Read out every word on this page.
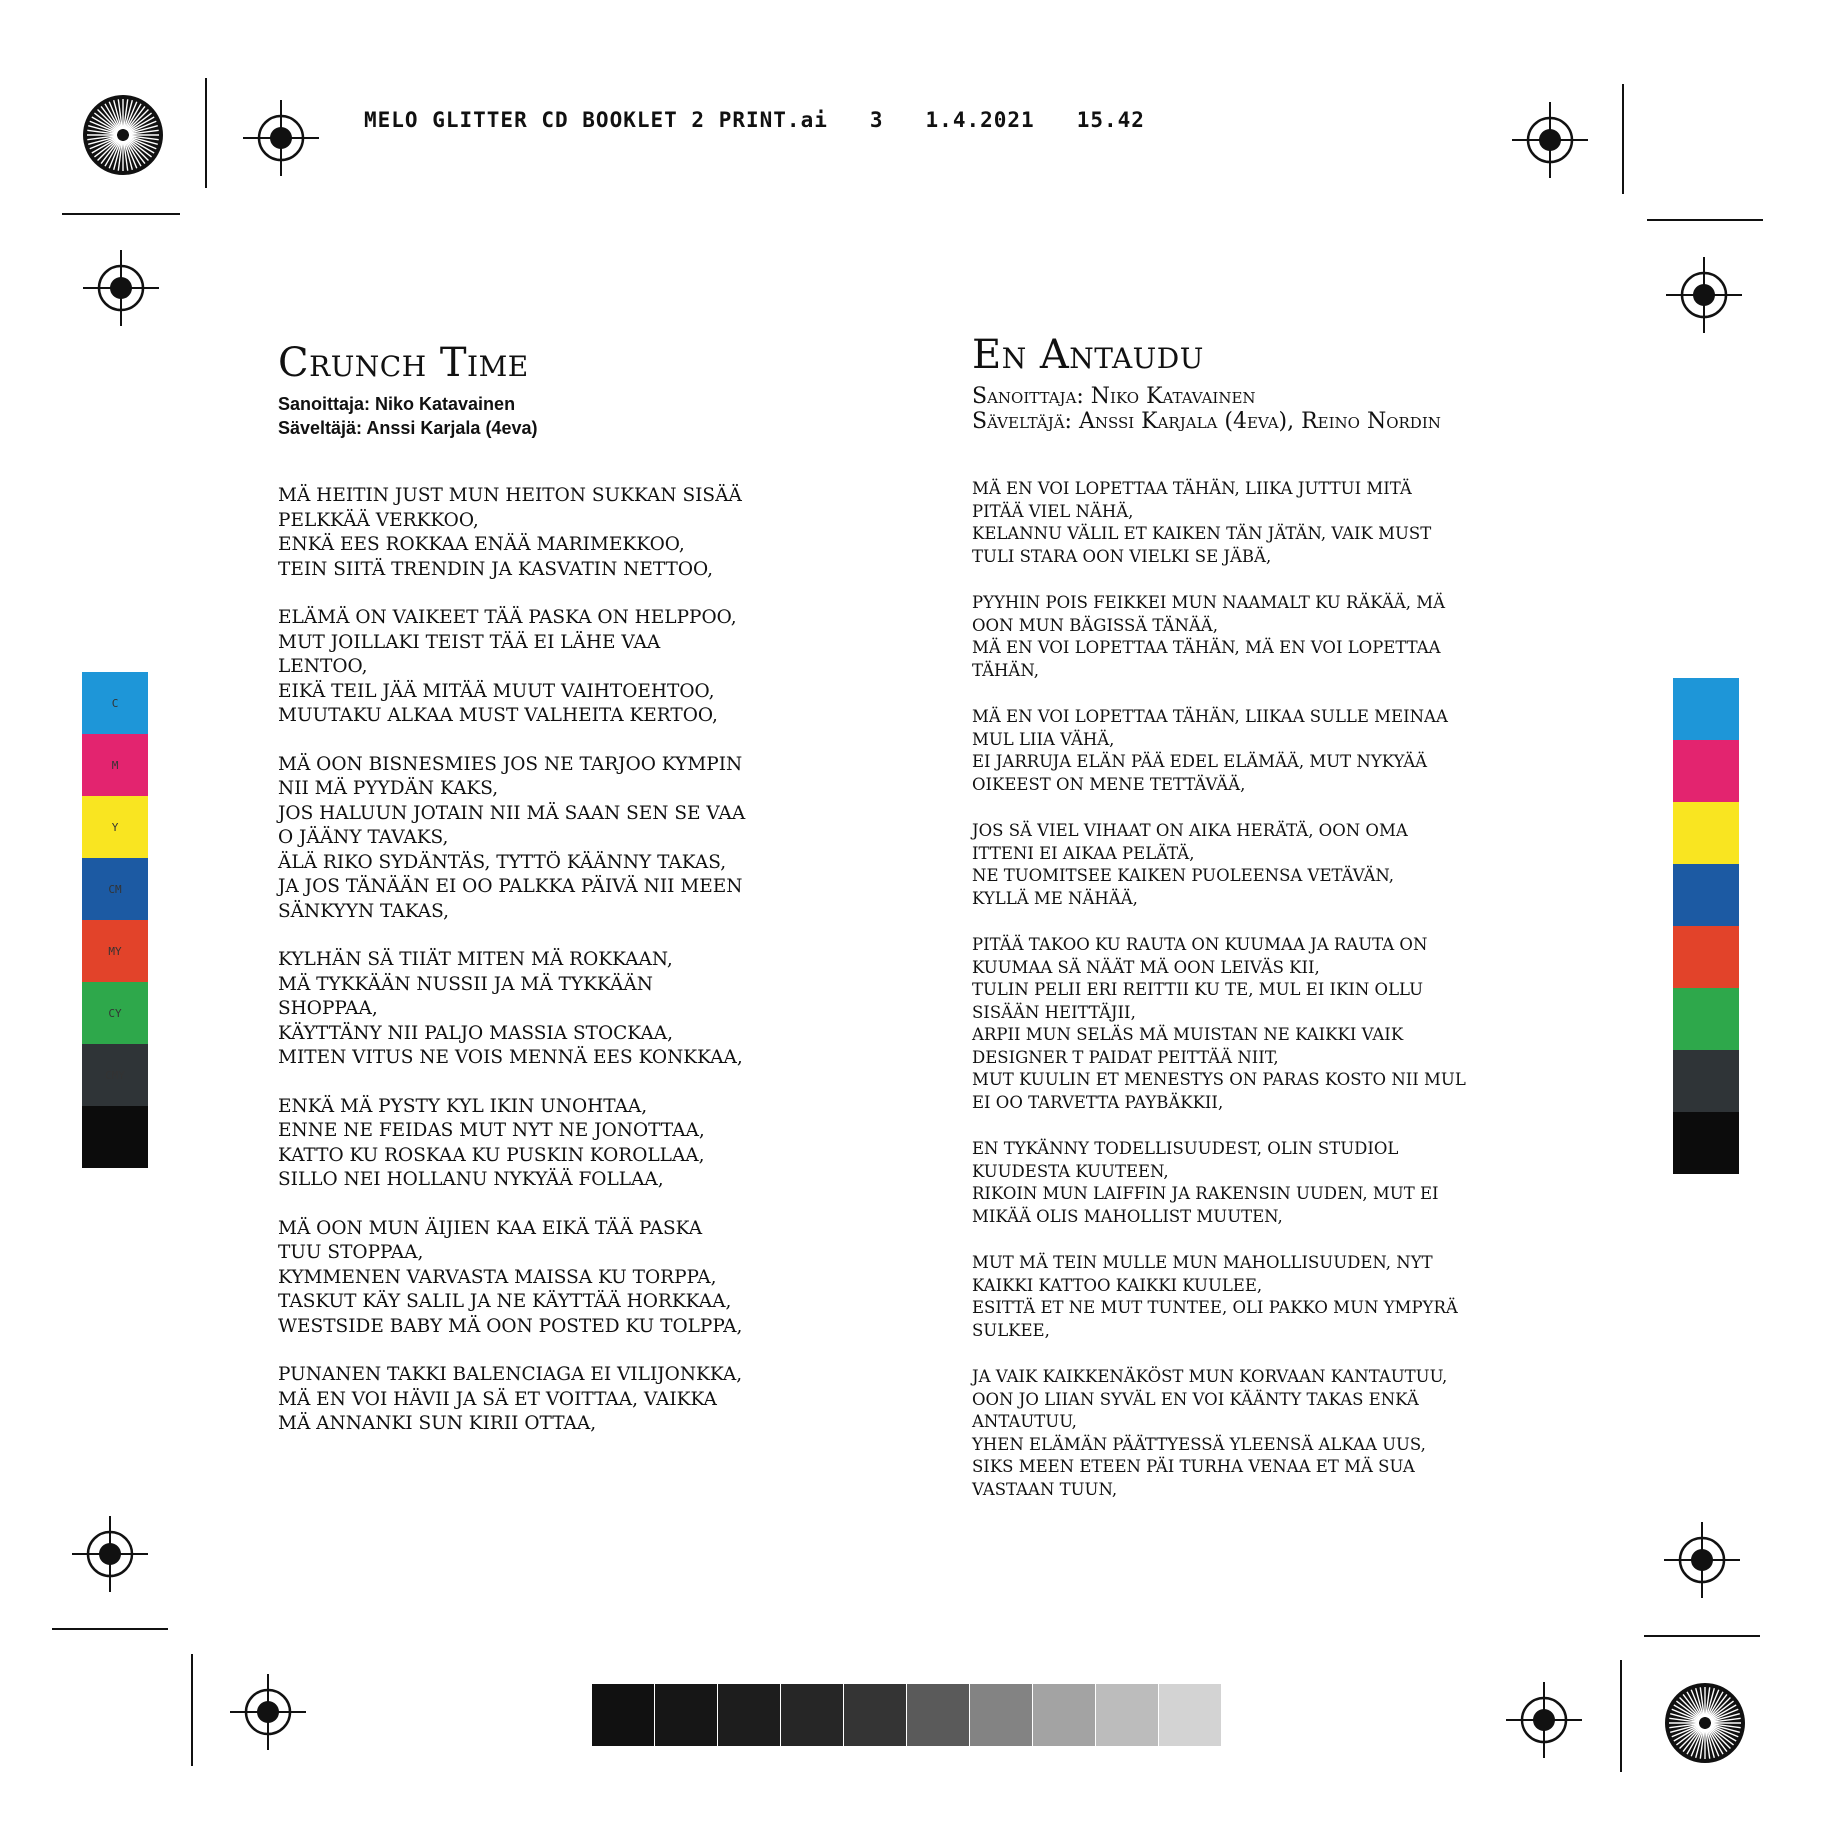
MELO GLITTER CD BOOKLET 2 PRINT.ai 3 1.4.2021 15.42
C
M
Y
CM
MY
CY
CMY
Crunch Time
Sanoittaja: Niko Katavainen
Säveltäjä: Anssi Karjala (4eva)
MÄ HEITIN JUST MUN HEITON SUKKAN SISÄÄ
PELKKÄÄ VERKKOO,
ENKÄ EES ROKKAA ENÄÄ MARIMEKKOO,
TEIN SIITÄ TRENDIN JA KASVATIN NETTOO,
ELÄMÄ ON VAIKEET TÄÄ PASKA ON HELPPOO,
MUT JOILLAKI TEIST TÄÄ EI LÄHE VAA
LENTOO,
EIKÄ TEIL JÄÄ MITÄÄ MUUT VAIHTOEHTOO,
MUUTAKU ALKAA MUST VALHEITA KERTOO,
MÄ OON BISNESMIES JOS NE TARJOO KYMPIN
NII MÄ PYYDÄN KAKS,
JOS HALUUN JOTAIN NII MÄ SAAN SEN SE VAA
O JÄÄNY TAVAKS,
ÄLÄ RIKO SYDÄNTÄS, TYTTÖ KÄÄNNY TAKAS,
JA JOS TÄNÄÄN EI OO PALKKA PÄIVÄ NII MEEN
SÄNKYYN TAKAS,
KYLHÄN SÄ TIIÄT MITEN MÄ ROKKAAN,
MÄ TYKKÄÄN NUSSII JA MÄ TYKKÄÄN
SHOPPAA,
KÄYTTÄNY NII PALJO MASSIA STOCKAA,
MITEN VITUS NE VOIS MENNÄ EES KONKKAA,
ENKÄ MÄ PYSTY KYL IKIN UNOHTAA,
ENNE NE FEIDAS MUT NYT NE JONOTTAA,
KATTO KU ROSKAA KU PUSKIN KOROLLAA,
SILLO NEI HOLLANU NYKYÄÄ FOLLAA,
MÄ OON MUN ÄIJIEN KAA EIKÄ TÄÄ PASKA
TUU STOPPAA,
KYMMENEN VARVASTA MAISSA KU TORPPA,
TASKUT KÄY SALIL JA NE KÄYTTÄÄ HORKKAA,
WESTSIDE BABY MÄ OON POSTED KU TOLPPA,
PUNANEN TAKKI BALENCIAGA EI VILIJONKKA,
MÄ EN VOI HÄVII JA SÄ ET VOITTAA, VAIKKA
MÄ ANNANKI SUN KIRII OTTAA,
En Antaudu
Sanoittaja: Niko Katavainen
Säveltäjä: Anssi Karjala (4eva), Reino Nordin
MÄ EN VOI LOPETTAA TÄHÄN, LIIKA JUTTUI MITÄ
PITÄÄ VIEL NÄHÄ,
KELANNU VÄLIL ET KAIKEN TÄN JÄTÄN, VAIK MUST
TULI STARA OON VIELKI SE JÄBÄ,
PYYHIN POIS FEIKKEI MUN NAAMALT KU RÄKÄÄ, MÄ
OON MUN BÄGISSÄ TÄNÄÄ,
MÄ EN VOI LOPETTAA TÄHÄN, MÄ EN VOI LOPETTAA
TÄHÄN,
MÄ EN VOI LOPETTAA TÄHÄN, LIIKAA SULLE MEINAA
MUL LIIA VÄHÄ,
EI JARRUJA ELÄN PÄÄ EDEL ELÄMÄÄ, MUT NYKYÄÄ
OIKEEST ON MENE TETTÄVÄÄ,
JOS SÄ VIEL VIHAAT ON AIKA HERÄTÄ, OON OMA
ITTENI EI AIKAA PELÄTÄ,
NE TUOMITSEE KAIKEN PUOLEENSA VETÄVÄN,
KYLLÄ ME NÄHÄÄ,
PITÄÄ TAKOO KU RAUTA ON KUUMAA JA RAUTA ON
KUUMAA SÄ NÄÄT MÄ OON LEIVÄS KII,
TULIN PELII ERI REITTII KU TE, MUL EI IKIN OLLU
SISÄÄN HEITTÄJII,
ARPII MUN SELÄS MÄ MUISTAN NE KAIKKI VAIK
DESIGNER T PAIDAT PEITTÄÄ NIIT,
MUT KUULIN ET MENESTYS ON PARAS KOSTO NII MUL
EI OO TARVETTA PAYBÄKKII,
EN TYKÄNNY TODELLISUUDEST, OLIN STUDIOL
KUUDESTA KUUTEEN,
RIKOIN MUN LAIFFIN JA RAKENSIN UUDEN, MUT EI
MIKÄÄ OLIS MAHOLLIST MUUTEN,
MUT MÄ TEIN MULLE MUN MAHOLLISUUDEN, NYT
KAIKKI KATTOO KAIKKI KUULEE,
ESITTÄ ET NE MUT TUNTEE, OLI PAKKO MUN YMPYRÄ
SULKEE,
JA VAIK KAIKKENÄKÖST MUN KORVAAN KANTAUTUU,
OON JO LIIAN SYVÄL EN VOI KÄÄNTY TAKAS ENKÄ
ANTAUTUU,
YHEN ELÄMÄN PÄÄTTYESSÄ YLEENSÄ ALKAA UUS,
SIKS MEEN ETEEN PÄI TURHA VENAA ET MÄ SUA
VASTAAN TUUN,
